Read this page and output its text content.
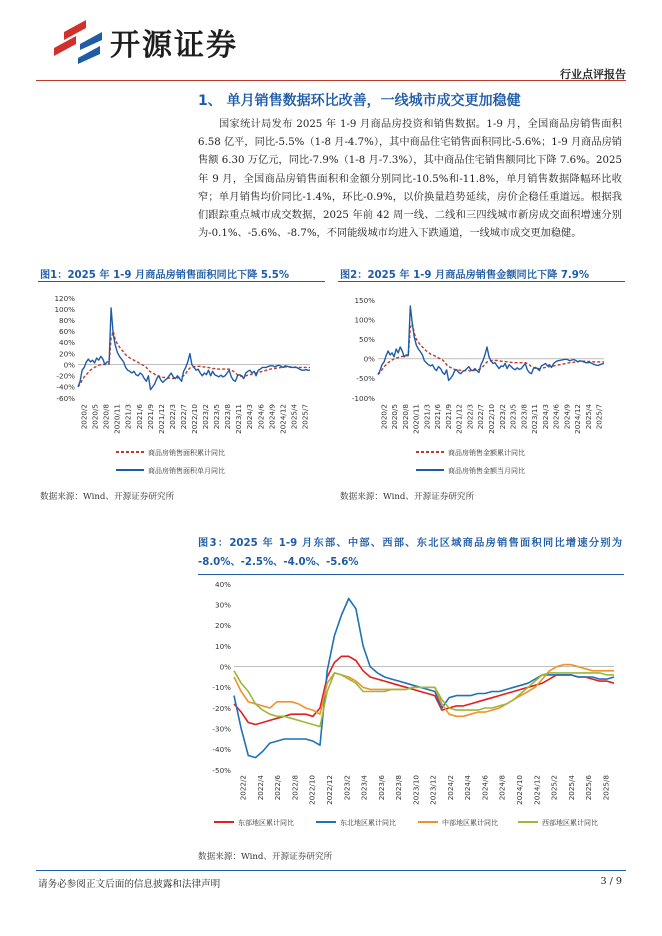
开源证券
行业点评报告
1、 单月销售数据环比改善，一线城市成交更加稳健
国家统计局发布 2025 年 1-9 月商品房投资和销售数据。1-9 月，全国商品房销售面积 6.58 亿平，同比-5.5%（1-8 月-4.7%），其中商品住宅销售面积同比-5.6%；1-9 月商品房销售额 6.30 万亿元，同比-7.9%（1-8 月-7.3%），其中商品住宅销售额同比下降 7.6%。2025 年 9 月，全国商品房销售面积和金额分别同比-10.5%和-11.8%，单月销售数据降幅环比收窄；单月销售均价同比-1.4%，环比-0.9%，以价换量趋势延续，房价企稳任重道远。根据我们跟踪重点城市成交数据，2025 年前 42 周一线、二线和三四线城市新房成交面积增速分别为-0.1%、-5.6%、-8.7%，不同能级城市均进入下跌通道，一线城市成交更加稳健。
图1：2025 年 1-9 月商品房销售面积同比下降 5.5%
120%
100%
80%
60%
40%
20%
0%
-20%
-40%
-60%
2020/2 2020/5 2020/8 2020/11 2021/3 2021/6 2021/9 2021/12 2022/3 2022/7 2022/10 2023/2 2023/5 2023/8 2023/11 2024/3 2024/6 2024/9 2024/12 2025/4 2025/7
商品房销售面积累计同比
商品房销售面积单月同比
数据来源：Wind、开源证券研究所
图2：2025 年 1-9 月商品房销售金额同比下降 7.9%
150%
100%
50%
0%
-50%
-100%
2020/2 2020/5 2020/8 2020/11 2021/3 2021/6 2021/9 2021/12 2022/3 2022/7 2022/10 2023/2 2023/5 2023/8 2023/11 2024/3 2024/6 2024/9 2024/12 2025/4 2025/7
商品房销售金额累计同比
商品房销售金额当月同比
数据来源：Wind、开源证券研究所
图3：2025 年 1-9 月东部、中部、西部、东北区域商品房销售面积同比增速分别为 -8.0%、-2.5%、-4.0%、-5.6%
40%
30%
20%
10%
0%
-10%
-20%
-30%
-40%
-50%
2022/2 2022/4 2022/6 2022/8 2022/10 2022/12 2023/2 2023/4 2023/6 2023/8 2023/10 2023/12 2024/2 2024/4 2024/6 2024/8 2024/10 2024/12 2025/2 2025/4 2025/6 2025/8
东部地区累计同比	东北地区累计同比	中部地区累计同比	西部地区累计同比
数据来源：Wind、开源证券研究所
请务必参阅正文后面的信息披露和法律声明	3 / 9
